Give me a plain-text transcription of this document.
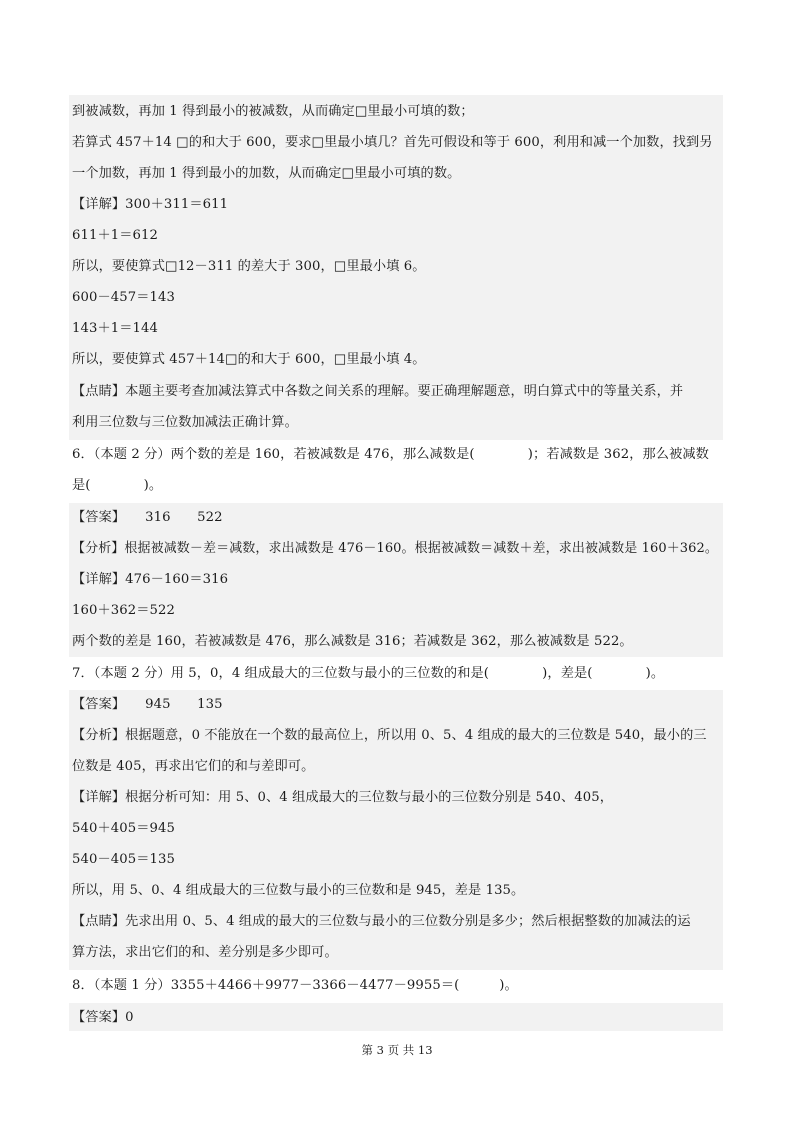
到被减数，再加 1 得到最小的被减数，从而确定□里最小可填的数；
若算式 457＋14 □的和大于 600，要求□里最小填几？首先可假设和等于 600，利用和减一个加数，找到另
一个加数，再加 1 得到最小的加数，从而确定□里最小可填的数。
【详解】300＋311＝611
611＋1＝612
所以，要使算式□12－311 的差大于 300，□里最小填 6。
600－457＝143
143＋1＝144
所以，要使算式 457＋14□的和大于 600，□里最小填 4。
【点睛】本题主要考查加减法算式中各数之间关系的理解。要正确理解题意，明白算式中的等量关系，并
利用三位数与三位数加减法正确计算。
6．（本题 2 分）两个数的差是 160，若被减数是 476，那么减数是(　　　　)；若减数是 362，那么被减数
是(　　　　)。
【答案】　　316　　522
【分析】根据被减数－差＝减数，求出减数是 476－160。根据被减数＝减数＋差，求出被减数是 160＋362。
【详解】476－160＝316
160＋362＝522
两个数的差是 160，若被减数是 476，那么减数是 316；若减数是 362，那么被减数是 522。
7．（本题 2 分）用 5，0，4 组成最大的三位数与最小的三位数的和是(　　　　)，差是(　　　　)。
【答案】　　945　　135
【分析】根据题意，0 不能放在一个数的最高位上，所以用 0、5、4 组成的最大的三位数是 540，最小的三
位数是 405，再求出它们的和与差即可。
【详解】根据分析可知：用 5、0、4 组成最大的三位数与最小的三位数分别是 540、405，
540＋405＝945
540－405＝135
所以，用 5、0、4 组成最大的三位数与最小的三位数和是 945，差是 135。
【点睛】先求出用 0、5、4 组成的最大的三位数与最小的三位数分别是多少；然后根据整数的加减法的运
算方法，求出它们的和、差分别是多少即可。
8．（本题 1 分）3355＋4466＋9977－3366－4477－9955＝(　　　)。
【答案】0
第 3 页 共 13
